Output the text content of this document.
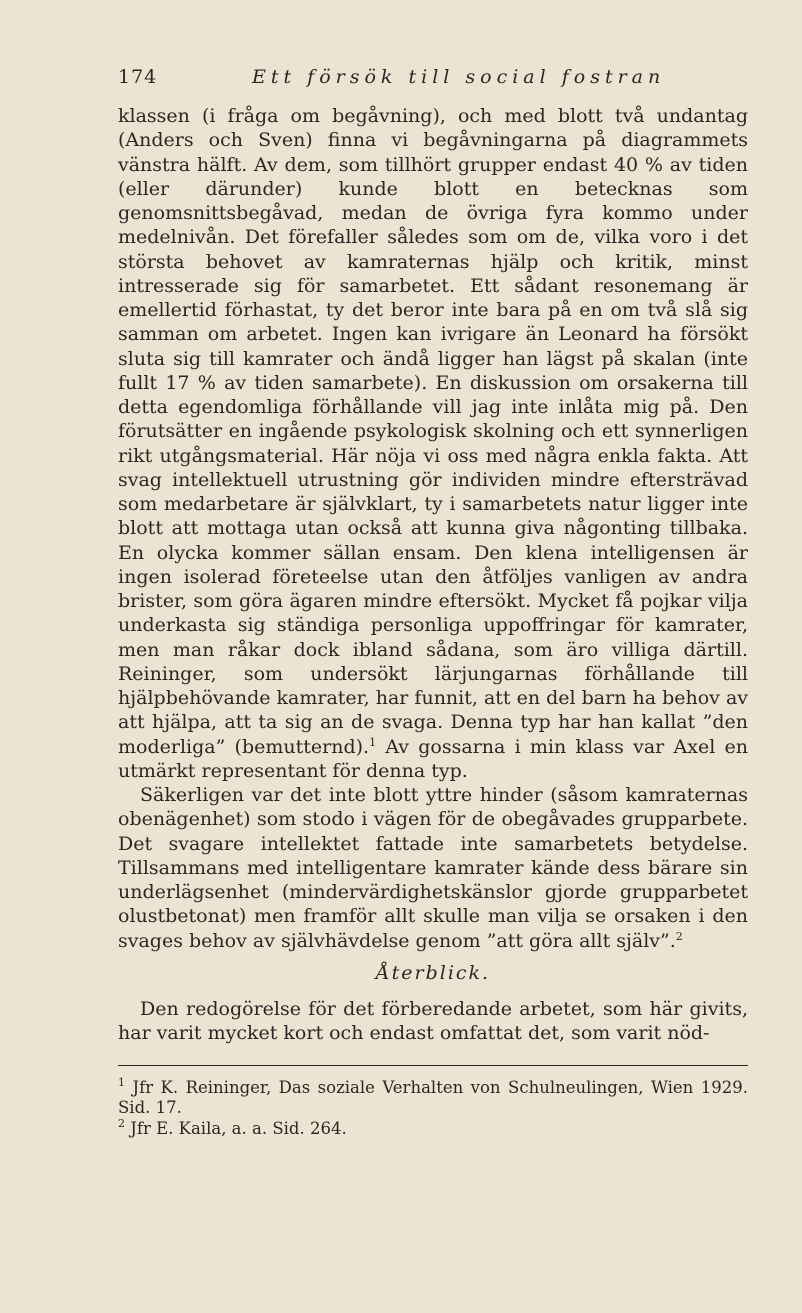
174	Ett försök till social fostran

klassen (i fråga om begåvning), och med blott två undantag (Anders och Sven) finna vi begåvningarna på diagrammets vänstra hälft. Av dem, som tillhört grupper endast 40 % av tiden (eller därunder) kunde blott en betecknas som genomsnittsbegåvad, medan de övriga fyra kommo under medelnivån. Det förefaller således som om de, vilka voro i det största behovet av kamraternas hjälp och kritik, minst intresserade sig för samarbetet. Ett sådant resonemang är emellertid förhastat, ty det beror inte bara på en om två slå sig samman om arbetet. Ingen kan ivrigare än Leonard ha försökt sluta sig till kamrater och ändå ligger han lägst på skalan (inte fullt 17 % av tiden samarbete). En diskussion om orsakerna till detta egendomliga förhållande vill jag inte inlåta mig på. Den förutsätter en ingående psykologisk skolning och ett synnerligen rikt utgångsmaterial. Här nöja vi oss med några enkla fakta. Att svag intellektuell utrustning gör individen mindre eftersträvad som medarbetare är självklart, ty i samarbetets natur ligger inte blott att mottaga utan också att kunna giva någonting tillbaka. En olycka kommer sällan ensam. Den klena intelligensen är ingen isolerad företeelse utan den åtföljes vanligen av andra brister, som göra ägaren mindre eftersökt. Mycket få pojkar vilja underkasta sig ständiga personliga uppoffringar för kamrater, men man råkar dock ibland sådana, som äro villiga därtill. Reininger, som undersökt lärjungarnas förhållande till hjälpbehövande kamrater, har funnit, att en del barn ha behov av att hjälpa, att ta sig an de svaga. Denna typ har han kallat ”den moderliga” (bemutternd).$^1$ Av gossarna i min klass var Axel en utmärkt representant för denna typ.

Säkerligen var det inte blott yttre hinder (såsom kamraternas obenägenhet) som stodo i vägen för de obegåvades grupparbete. Det svagare intellektet fattade inte samarbetets betydelse. Tillsammans med intelligentare kamrater kände dess bärare sin underlägsenhet (mindervärdighetskänslor gjorde grupparbetet olustbetonat) men framför allt skulle man vilja se orsaken i den svages behov av självhävdelse genom ”att göra allt själv”.$^2$

Återblick.

Den redogörelse för det förberedande arbetet, som här givits, har varit mycket kort och endast omfattat det, som varit nöd-

$^1$ Jfr K. Reininger, Das soziale Verhalten von Schulneulingen, Wien 1929. Sid. 17.

$^2$ Jfr E. Kaila, a. a. Sid. 264.
